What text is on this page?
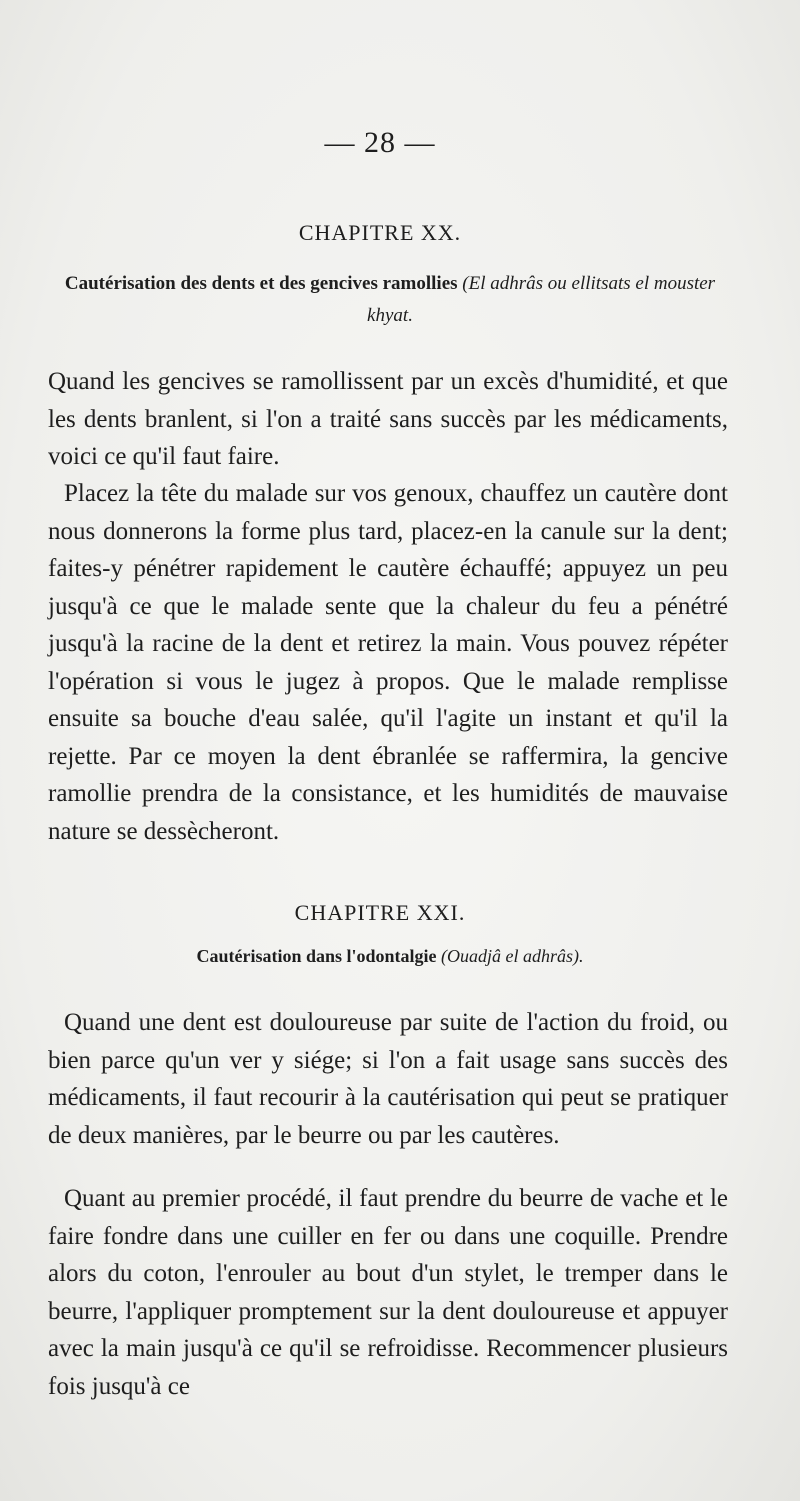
— 28 —
CHAPITRE XX.
Cautérisation des dents et des gencives ramollies (El adhrâs ou ellitsats el mouster khyat.

Quand les gencives se ramollissent par un excès d'humidité, et que les dents branlent, si l'on a traité sans succès par les médicaments, voici ce qu'il faut faire.

Placez la tête du malade sur vos genoux, chauffez un cautère dont nous donnerons la forme plus tard, placez-en la canule sur la dent; faites-y pénétrer rapidement le cautère échauffé; appuyez un peu jusqu'à ce que le malade sente que la chaleur du feu a pénétré jusqu'à la racine de la dent et retirez la main. Vous pouvez répéter l'opération si vous le jugez à propos. Que le malade remplisse ensuite sa bouche d'eau salée, qu'il l'agite un instant et qu'il la rejette. Par ce moyen la dent ébranlée se raffermira, la gencive ramollie prendra de la consistance, et les humidités de mauvaise nature se dessècheront.

CHAPITRE XXI.
Cautérisation dans l'odontalgie (Ouadjâ el adhrâs).

Quand une dent est douloureuse par suite de l'action du froid, ou bien parce qu'un ver y siége; si l'on a fait usage sans succès des médicaments, il faut recourir à la cautérisation qui peut se pratiquer de deux manières, par le beurre ou par les cautères.

Quant au premier procédé, il faut prendre du beurre de vache et le faire fondre dans une cuiller en fer ou dans une coquille. Prendre alors du coton, l'enrouler au bout d'un stylet, le tremper dans le beurre, l'appliquer promptement sur la dent douloureuse et appuyer avec la main jusqu'à ce qu'il se refroidisse. Recommencer plusieurs fois jusqu'à ce
